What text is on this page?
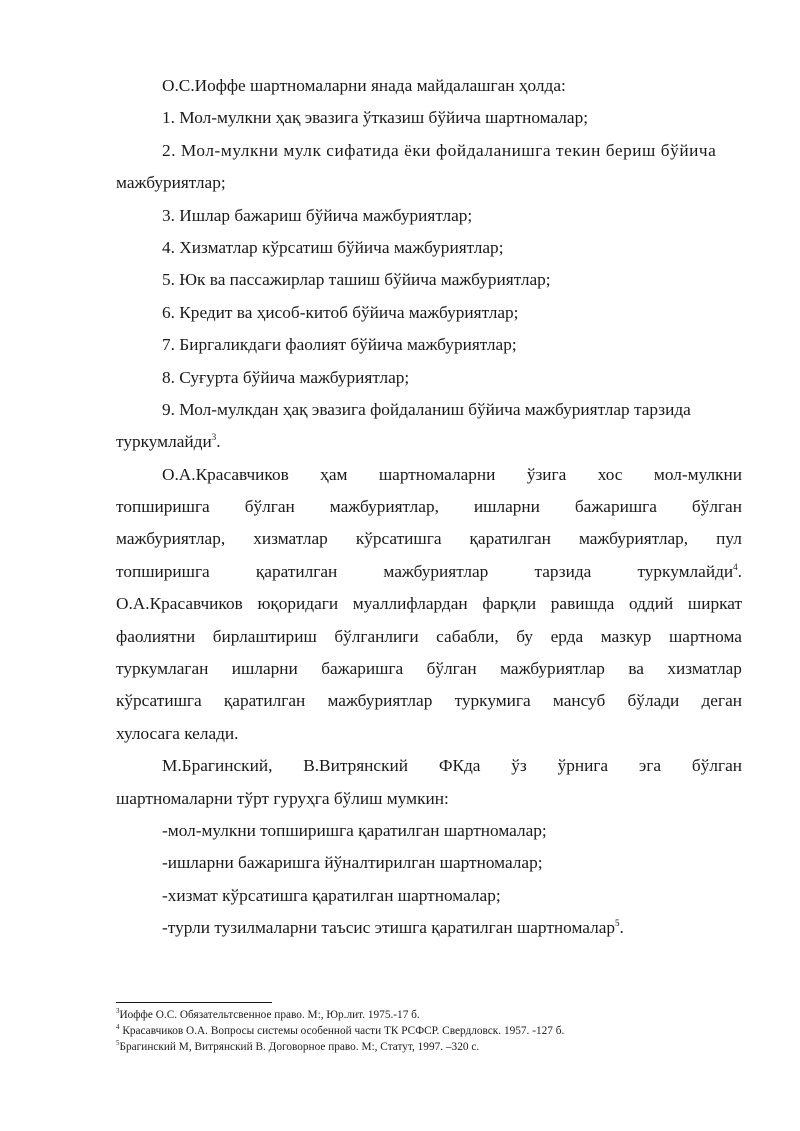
О.С.Иоффе шартномаларни янада майдалашган ҳолда:
1. Мол-мулкни ҳақ эвазига ўтказиш бўйича шартномалар;
2. Мол-мулкни мулк сифатида ёки фойдаланишга текин бериш бўйича
мажбуриятлар;
3. Ишлар бажариш бўйича мажбуриятлар;
4. Хизматлар кўрсатиш бўйича мажбуриятлар;
5. Юк ва пассажирлар ташиш бўйича мажбуриятлар;
6. Кредит ва ҳисоб-китоб бўйича мажбуриятлар;
7. Биргаликдаги фаолият бўйича мажбуриятлар;
8. Суғурта бўйича мажбуриятлар;
9. Мол-мулкдан ҳақ эвазига фойдаланиш бўйича мажбуриятлар тарзида
туркумлайди$^3$.
О.А.Красавчиков ҳам шартномаларни ўзига хос мол-мулкни
топширишга бўлган мажбуриятлар, ишларни бажаришга бўлган
мажбуриятлар, хизматлар кўрсатишга қаратилган мажбуриятлар, пул
топширишга	қаратилган	мажбуриятлар	тарзида	туркумлайди$^4$.
О.А.Красавчиков юқоридаги муаллифлардан фарқли равишда оддий ширкат
фаолиятни бирлаштириш бўлганлиги сабабли, бу ерда мазкур шартнома
туркумлаган ишларни бажаришга бўлган мажбуриятлар ва хизматлар
кўрсатишга қаратилган мажбуриятлар туркумига мансуб бўлади деган
хулосага келади.
М.Брагинский, В.Витрянский ФКда ўз ўрнига эга бўлган
шартномаларни тўрт гуруҳга бўлиш мумкин:
-мол-мулкни топширишга қаратилган шартномалар;
-ишларни бажаришга йўналтирилган шартномалар;
-хизмат кўрсатишга қаратилган шартномалар;
-турли тузилмаларни таъсис этишга қаратилган шартномалар$^5$.
$^3$Иоффе О.С. Обязательтсвенное право. М:, Юр.лит. 1975.-17 б.
$^4$ Красавчиков О.А. Вопросы системы особенной части ТК РСФСР. Свердловск. 1957. -127 б.
$^5$Брагинский М, Витрянский В. Договорное право. М:, Статут, 1997. –320 с.
